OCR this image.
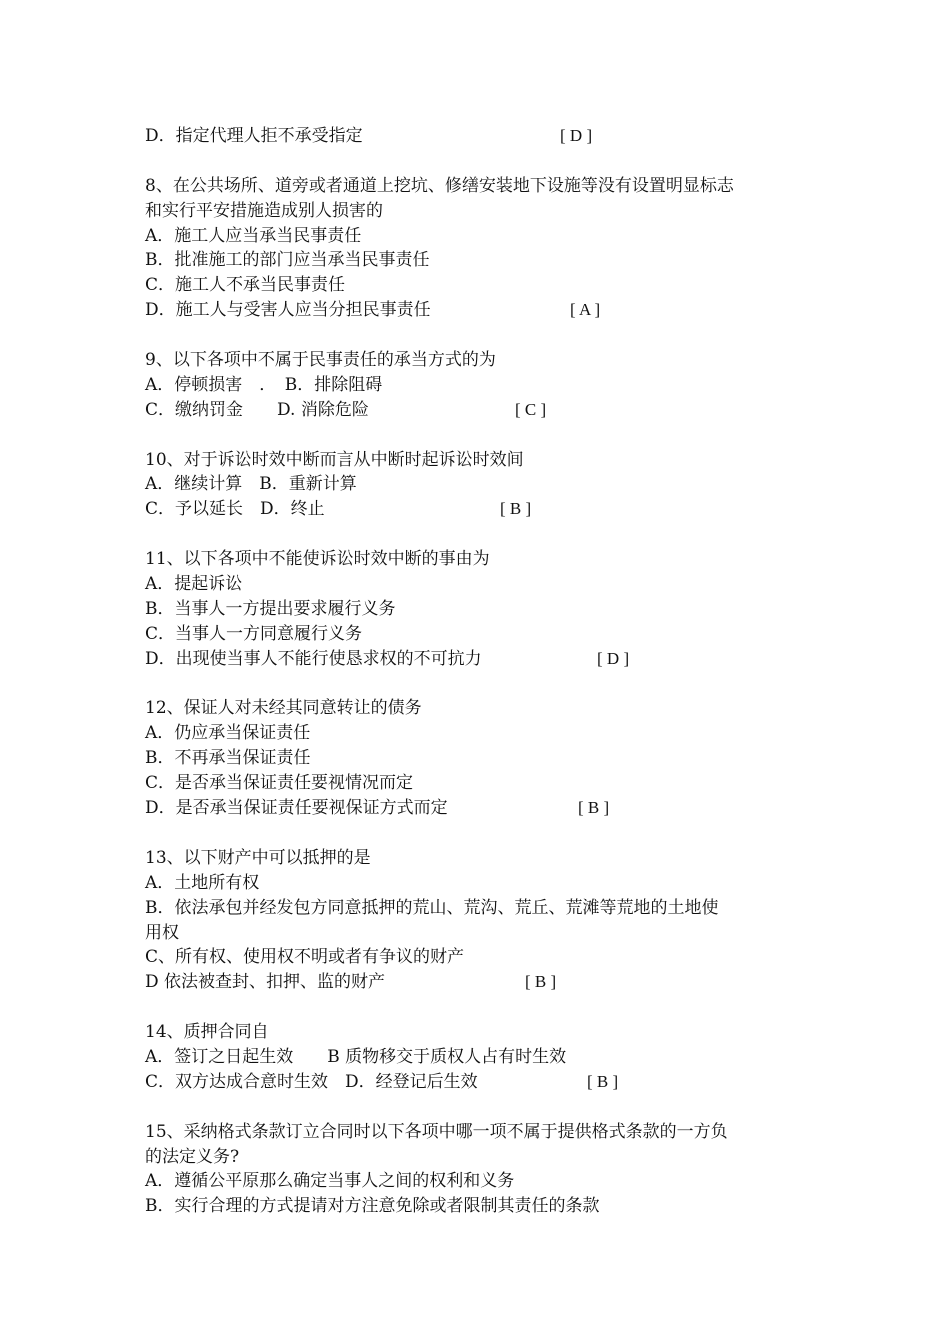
D．指定代理人拒不承受指定	[ D ]
8、在公共场所、道旁或者通道上挖坑、修缮安装地下设施等没有设置明显标志
和实行平安措施造成别人损害的
A．施工人应当承当民事责任
B．批准施工的部门应当承当民事责任
C．施工人不承当民事责任
D．施工人与受害人应当分担民事责任	[ A ]
9、以下各项中不属于民事责任的承当方式的为
A．停顿损害　．　B．排除阻碍
C．缴纳罚金　　D. 消除危险	[ C ]
10、对于诉讼时效中断而言从中断时起诉讼时效间
A．继续计算　B．重新计算
C．予以延长　D．终止	[ B ]
11、以下各项中不能使诉讼时效中断的事由为
A．提起诉讼
B．当事人一方提出要求履行义务
C．当事人一方同意履行义务
D．出现使当事人不能行使恳求权的不可抗力	[ D ]
12、保证人对未经其同意转让的债务
A．仍应承当保证责任
B．不再承当保证责任
C．是否承当保证责任要视情况而定
D．是否承当保证责任要视保证方式而定	[ B ]
13、以下财产中可以抵押的是
A．土地所有权
B．依法承包并经发包方同意抵押的荒山、荒沟、荒丘、荒滩等荒地的土地使
用权
C、所有权、使用权不明或者有争议的财产
D 依法被查封、扣押、监的财产	[ B ]
14、质押合同自
A．签订之日起生效　　B 质物移交于质权人占有时生效
C．双方达成合意时生效　D．经登记后生效	[ B ]
15、采纳格式条款订立合同时以下各项中哪一项不属于提供格式条款的一方负
的法定义务?
A．遵循公平原那么确定当事人之间的权利和义务
B．实行合理的方式提请对方注意免除或者限制其责任的条款
